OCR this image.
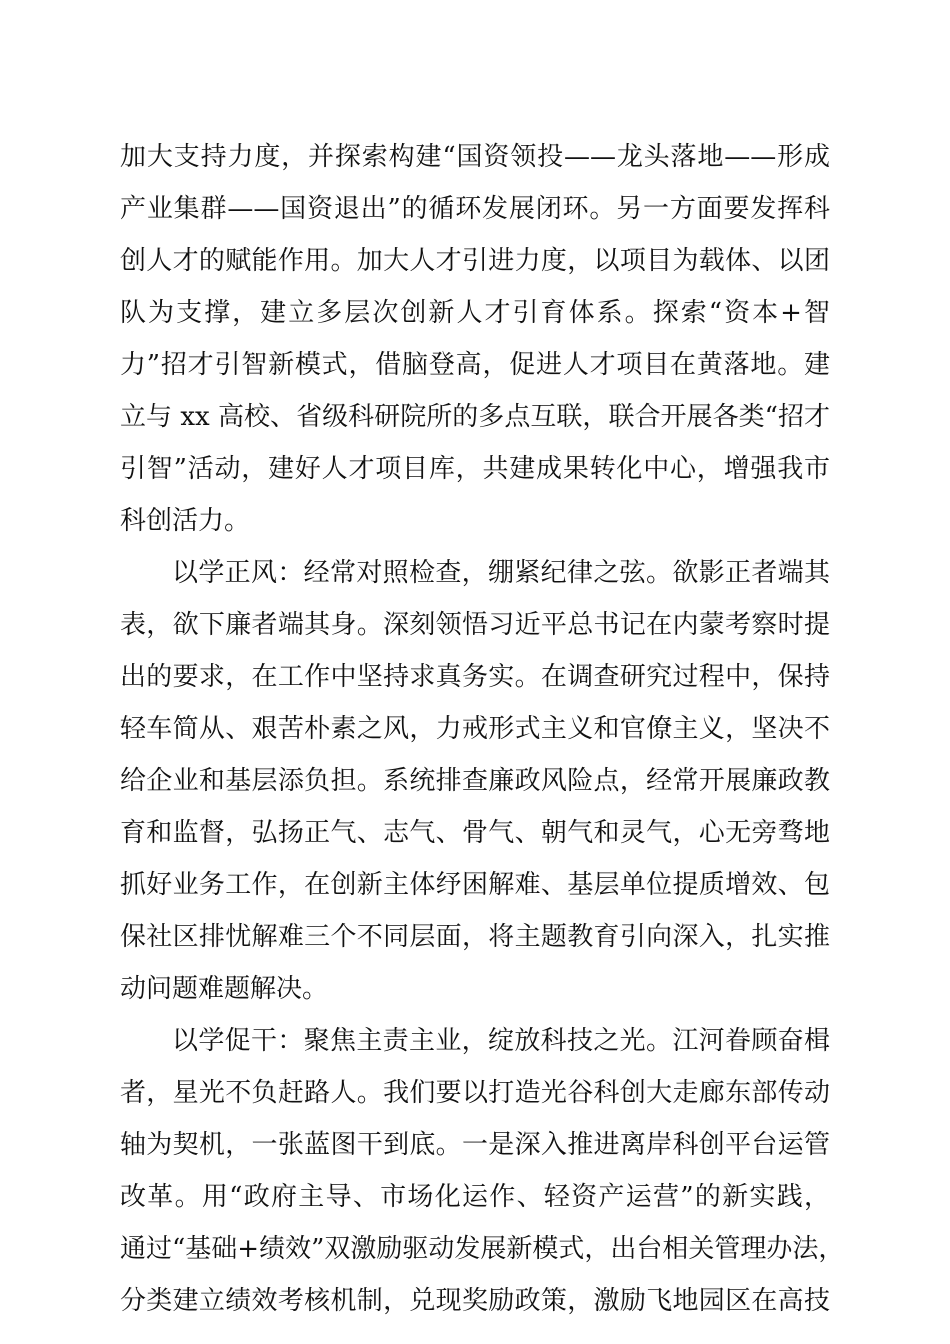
加大支持力度，并探索构建“国资领投——龙头落地——形成
产业集群——国资退出”的循环发展闭环。另一方面要发挥科
创人才的赋能作用。加大人才引进力度，以项目为载体、以团
队为支撑，建立多层次创新人才引育体系。探索“资本+智
力”招才引智新模式，借脑登高，促进人才项目在黄落地。建
立与 xx 高校、省级科研院所的多点互联，联合开展各类“招才
引智”活动，建好人才项目库，共建成果转化中心，增强我市
科创活力。
以学正风：经常对照检查，绷紧纪律之弦。欲影正者端其
表，欲下廉者端其身。深刻领悟习近平总书记在内蒙考察时提
出的要求，在工作中坚持求真务实。在调查研究过程中，保持
轻车简从、艰苦朴素之风，力戒形式主义和官僚主义，坚决不
给企业和基层添负担。系统排查廉政风险点，经常开展廉政教
育和监督，弘扬正气、志气、骨气、朝气和灵气，心无旁骛地
抓好业务工作，在创新主体纾困解难、基层单位提质增效、包
保社区排忧解难三个不同层面，将主题教育引向深入，扎实推
动问题难题解决。
以学促干：聚焦主责主业，绽放科技之光。江河眷顾奋楫
者，星光不负赶路人。我们要以打造光谷科创大走廊东部传动
轴为契机，一张蓝图干到底。一是深入推进离岸科创平台运管
改革。用“政府主导、市场化运作、轻资产运营”的新实践，
通过“基础+绩效”双激励驱动发展新模式，出台相关管理办法，
分类建立绩效考核机制，兑现奖励政策，激励飞地园区在高技
